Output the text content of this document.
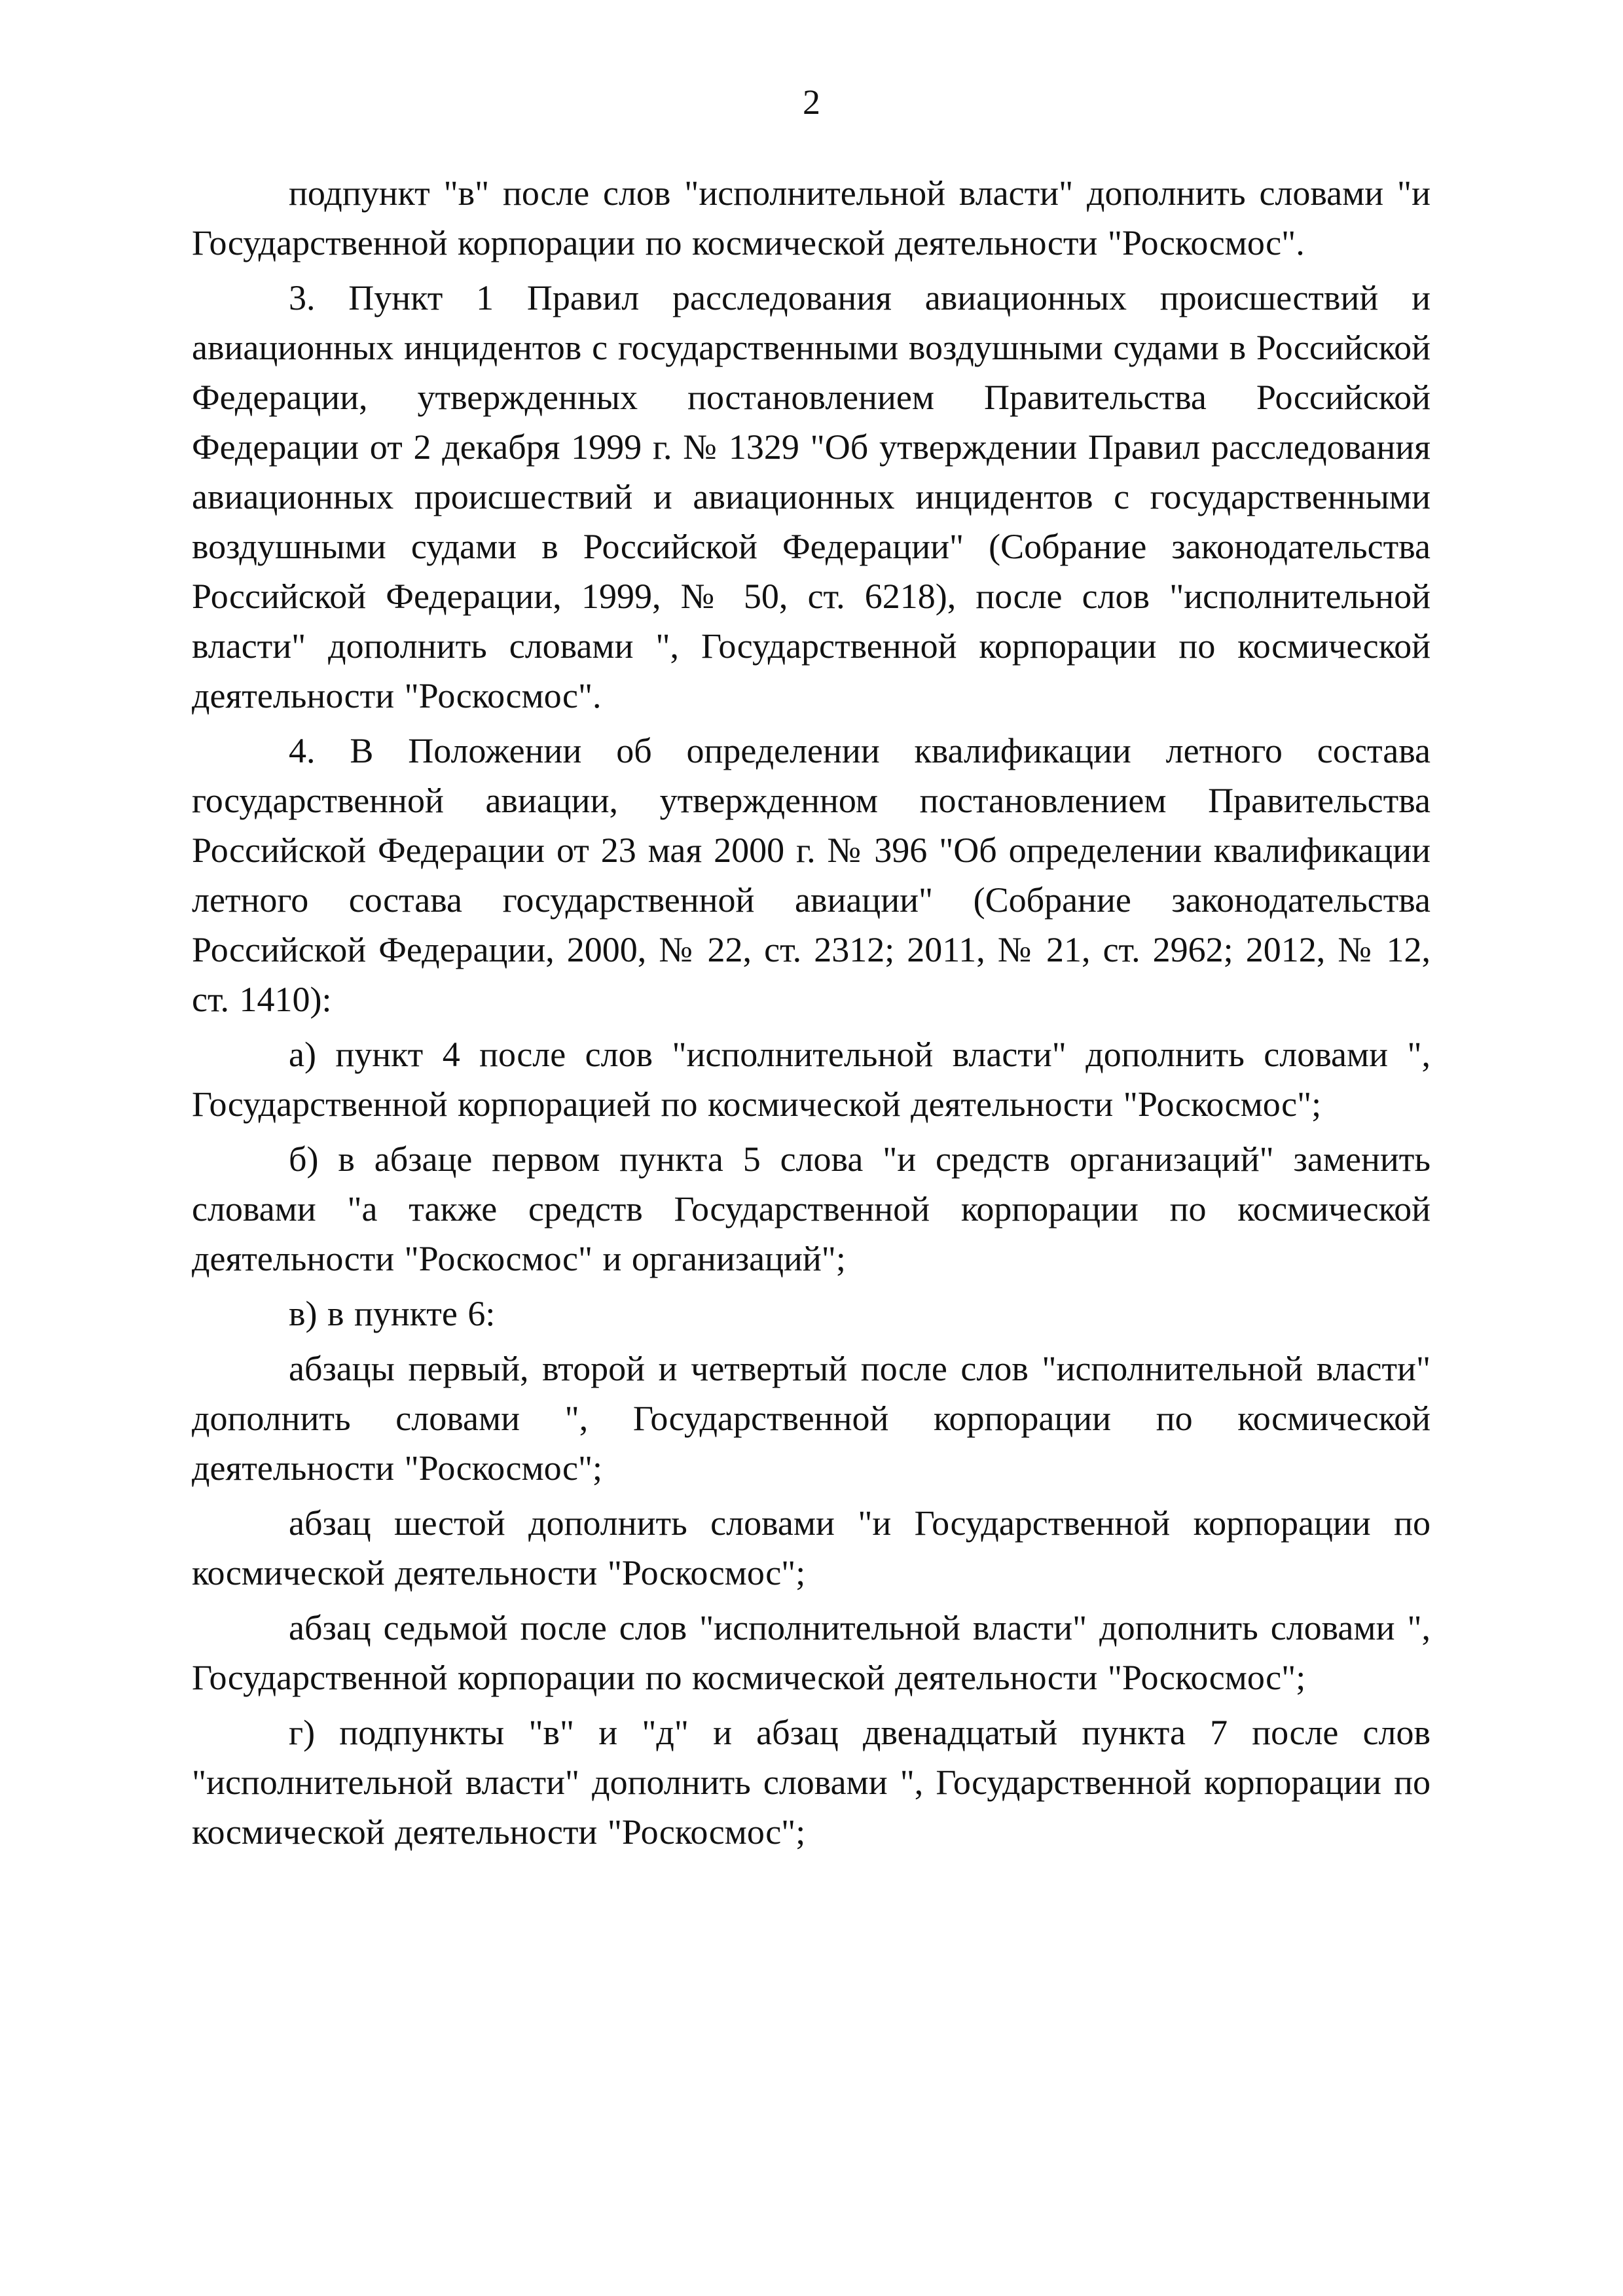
2

подпункт "в" после слов "исполнительной власти" дополнить словами "и Государственной корпорации по космической деятельности "Роскосмос".

3. Пункт 1 Правил расследования авиационных происшествий и авиационных инцидентов с государственными воздушными судами в Российской Федерации, утвержденных постановлением Правительства Российской Федерации от 2 декабря 1999 г. № 1329 "Об утверждении Правил расследования авиационных происшествий и авиационных инцидентов с государственными воздушными судами в Российской Федерации" (Собрание законодательства Российской Федерации, 1999, № 50, ст. 6218), после слов "исполнительной власти" дополнить словами ", Государственной корпорации по космической деятельности "Роскосмос".

4. В Положении об определении квалификации летного состава государственной авиации, утвержденном постановлением Правительства Российской Федерации от 23 мая 2000 г. № 396 "Об определении квалификации летного состава государственной авиации" (Собрание законодательства Российской Федерации, 2000, № 22, ст. 2312; 2011, № 21, ст. 2962; 2012, № 12, ст. 1410):

а) пункт 4 после слов "исполнительной власти" дополнить словами ", Государственной корпорацией по космической деятельности "Роскосмос";

б) в абзаце первом пункта 5 слова "и средств организаций" заменить словами "а также средств Государственной корпорации по космической деятельности "Роскосмос" и организаций";

в) в пункте 6:

абзацы первый, второй и четвертый после слов "исполнительной власти" дополнить словами ", Государственной корпорации по космической деятельности "Роскосмос";

абзац шестой дополнить словами "и Государственной корпорации по космической деятельности "Роскосмос";

абзац седьмой после слов "исполнительной власти" дополнить словами ", Государственной корпорации по космической деятельности "Роскосмос";

г) подпункты "в" и "д" и абзац двенадцатый пункта 7 после слов "исполнительной власти" дополнить словами ", Государственной корпорации по космической деятельности "Роскосмос";
